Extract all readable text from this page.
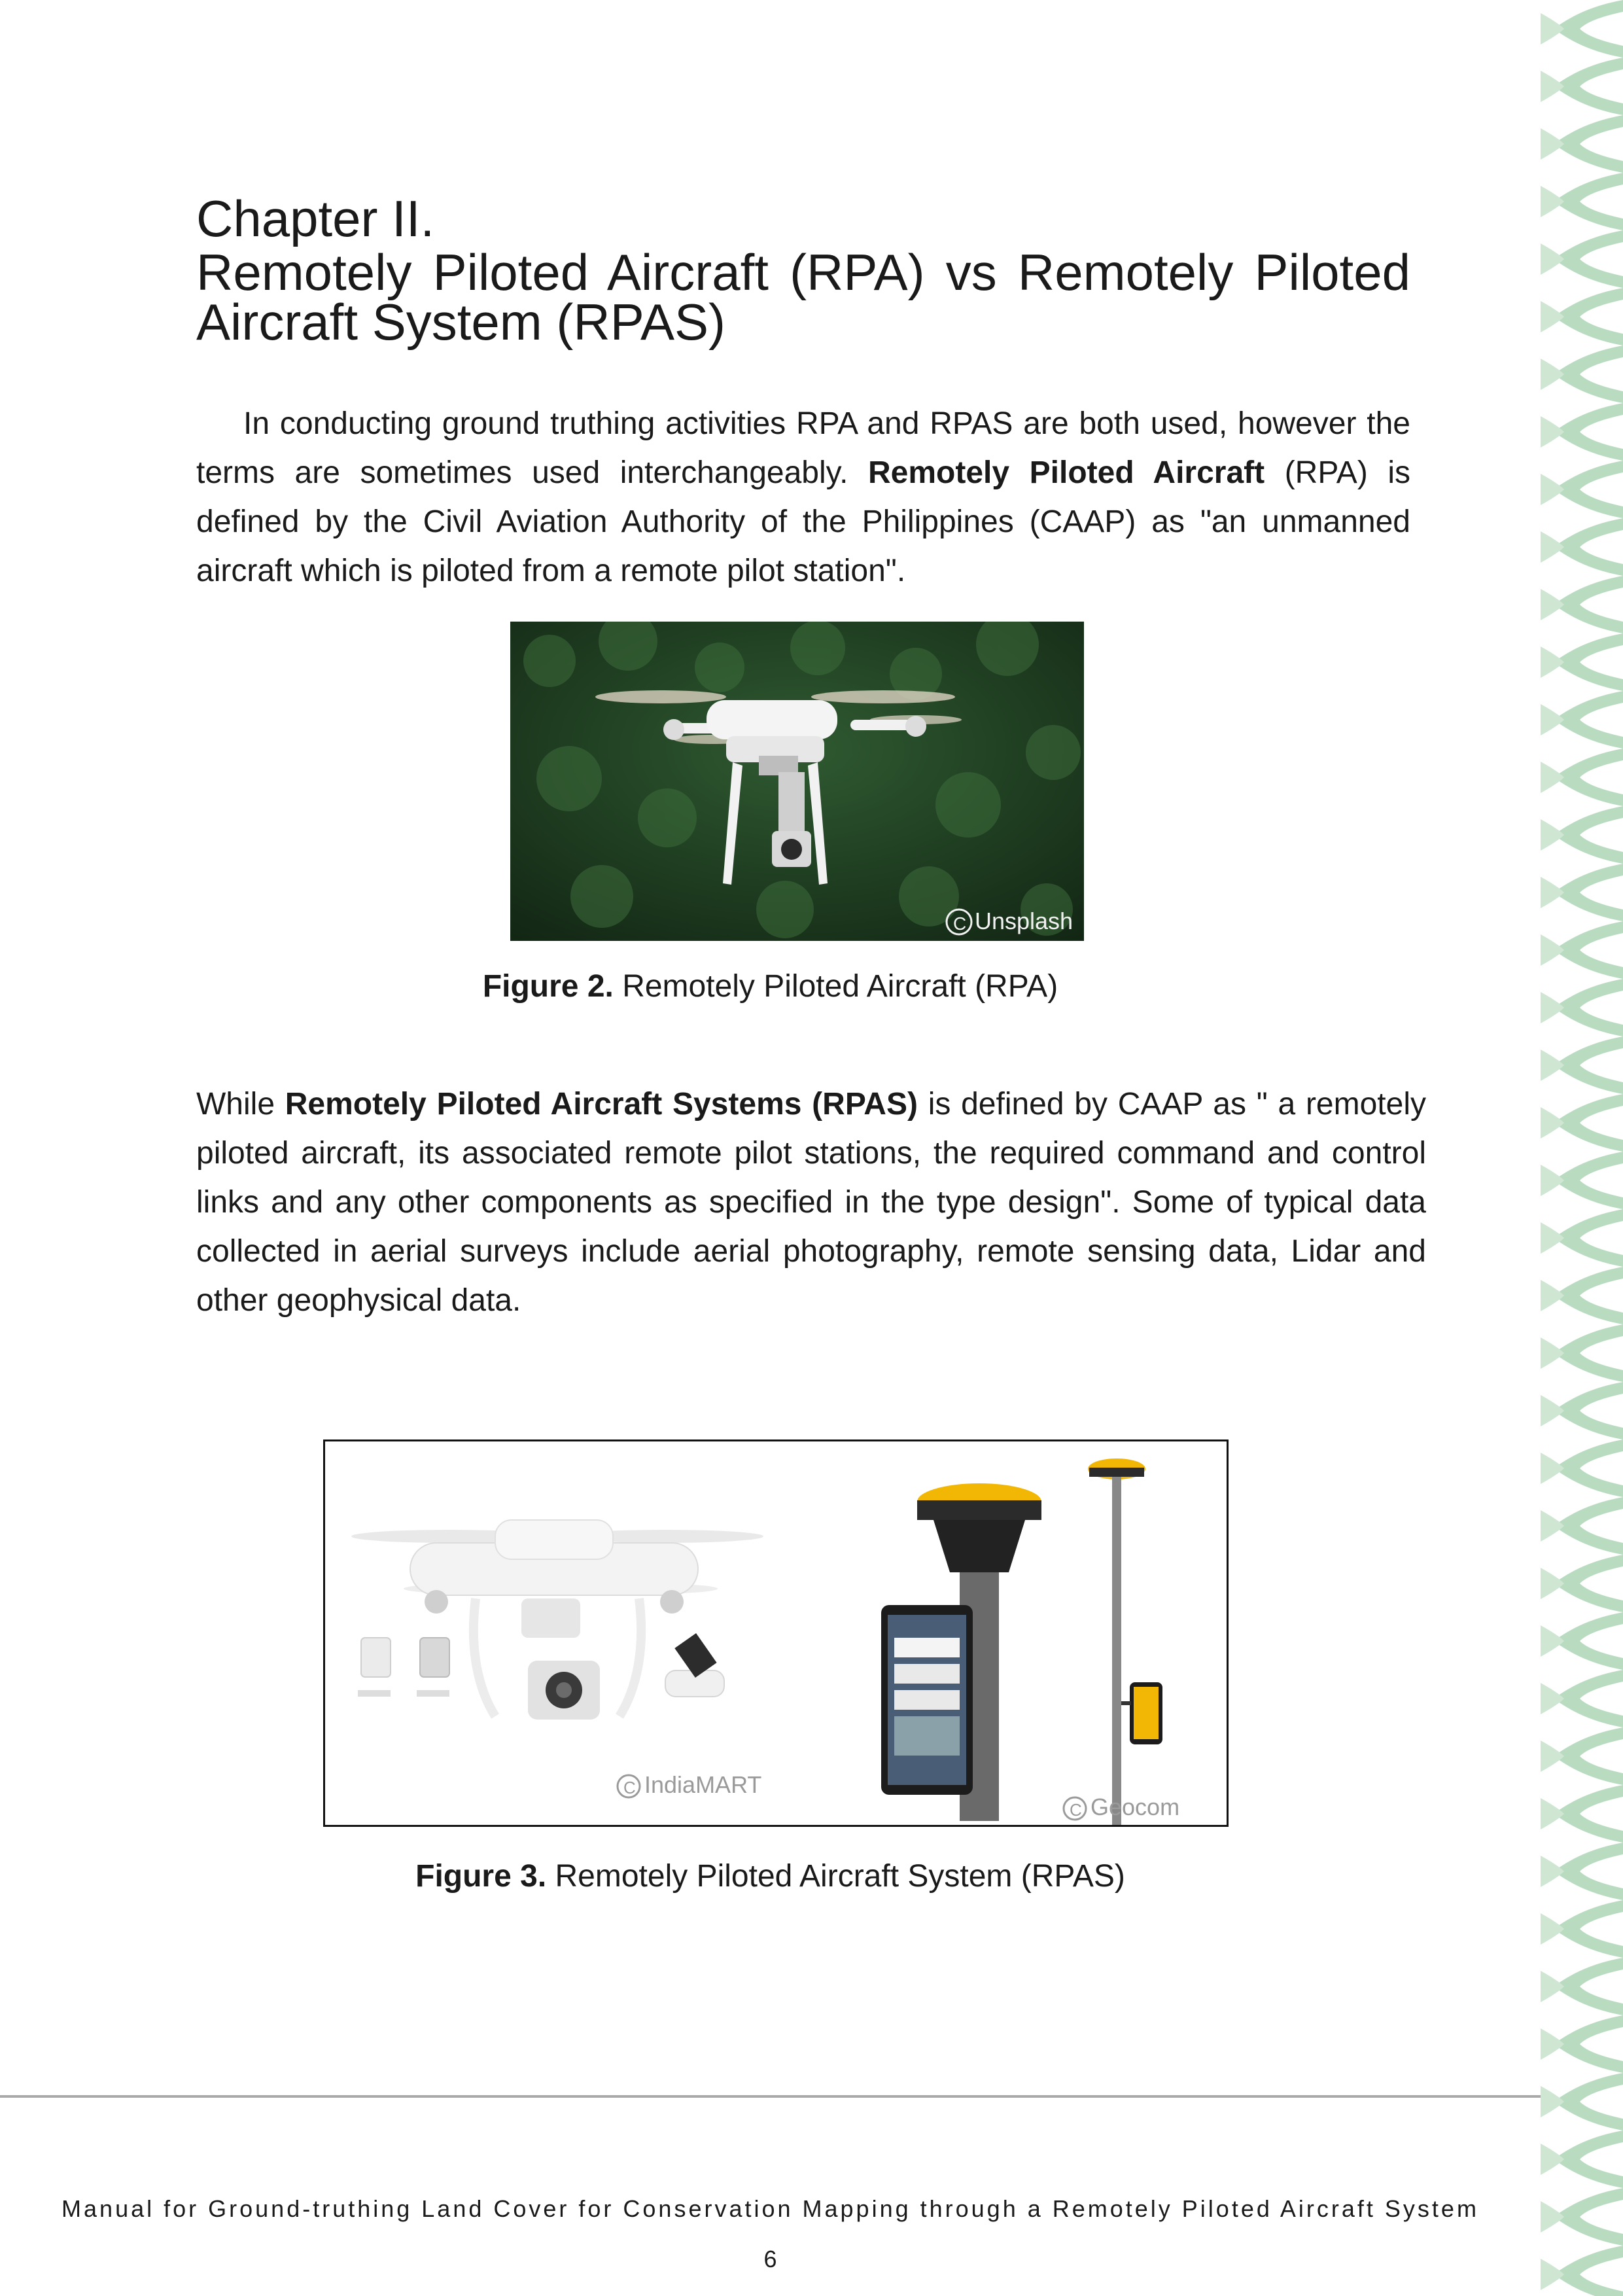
Chapter II.
Remotely Piloted Aircraft (RPA) vs Remotely Piloted Aircraft System (RPAS)

In conducting ground truthing activities RPA and RPAS are both used, however the terms are sometimes used interchangeably. Remotely Piloted Aircraft (RPA) is defined by the Civil Aviation Authority of the Philippines (CAAP) as "an unmanned aircraft which is piloted from a remote pilot station".

C Unsplash

Figure 2. Remotely Piloted Aircraft (RPA)

While Remotely Piloted Aircraft Systems (RPAS) is defined by CAAP as " a remotely piloted aircraft, its associated remote pilot stations, the required command and control links and any other components as specified in the type design". Some of typical data collected in aerial surveys include aerial photography, remote sensing data, Lidar and other geophysical data.

C IndiaMART
C Geocom

Figure 3. Remotely Piloted Aircraft System (RPAS)

Manual for Ground-truthing Land Cover for Conservation Mapping through a Remotely Piloted Aircraft System

6
